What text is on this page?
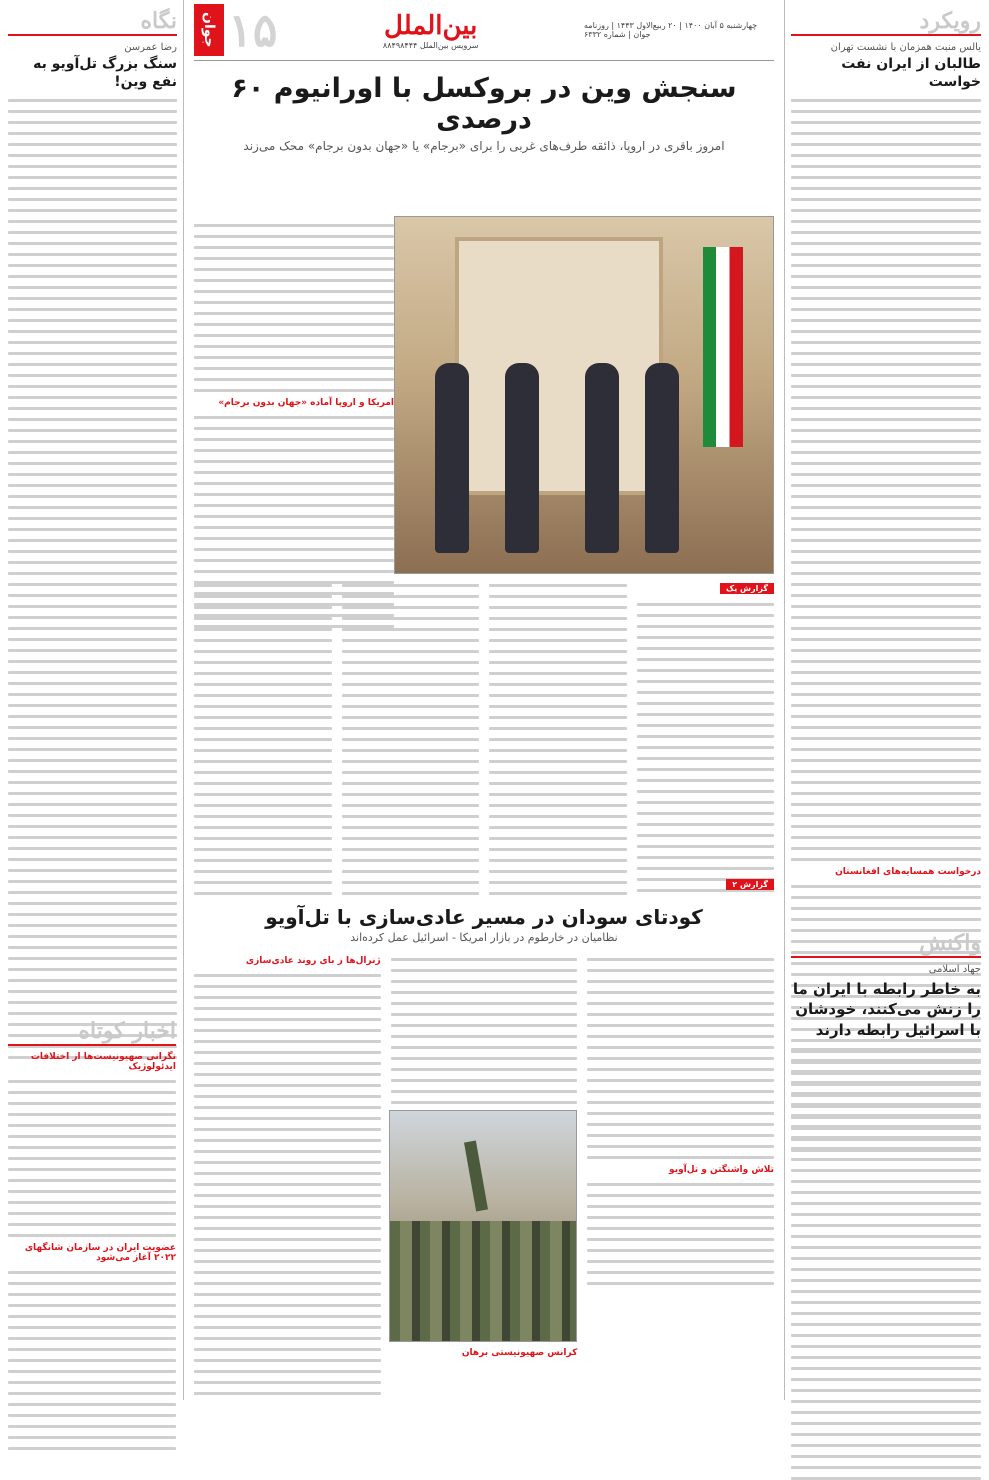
رویکرد
یالس منبت همزمان با نشست تهران
طالبان از ایران نفت خواست
درخواست همسایه‌های افغانستان
واکنش
جهاد اسلامی
به خاطر رابطه با ایران ما را زنش می‌کنند، خودشان با اسرائیل رابطه دارند
چهارشنبه ۵ آبان ۱۴۰۰ | ۲۰ ربیع‌الاول ۱۴۴۳ | روزنامه جوان | شماره ۶۳۳۲
بین‌الملل
سرویس بین‌الملل ۸۸۴۹۸۴۴۴
۱۵
جوان
سنجش وین در بروکسل با اورانیوم ۶۰ درصدی
امروز باقری در اروپا، ذائقه طرف‌های غربی را برای «برجام» یا «جهان بدون برجام» محک می‌زند
امریکا و اروپا آماده «جهان بدون برجام»
گزارش یک
گزارش ۲
کودتای سودان در مسیر عادی‌سازی با تل‌آویو
نظامیان در خارطوم در بازار امریکا - اسرائیل عمل کرده‌اند
تلاش واشنگتن و تل‌آویو
کرانس صهیونیستی برهان
ژنرال‌ها ز بای روند عادی‌سازی
نگاه
رضا عمرسن
سنگ بزرگ تل‌آویو به نفع وین!
اخبار کوتاه
نگرانی صهیونیست‌ها از اختلافات ایدئولوژیک
عضویت ایران در سازمان شانگهای ۲۰۲۲ آغاز می‌شود
